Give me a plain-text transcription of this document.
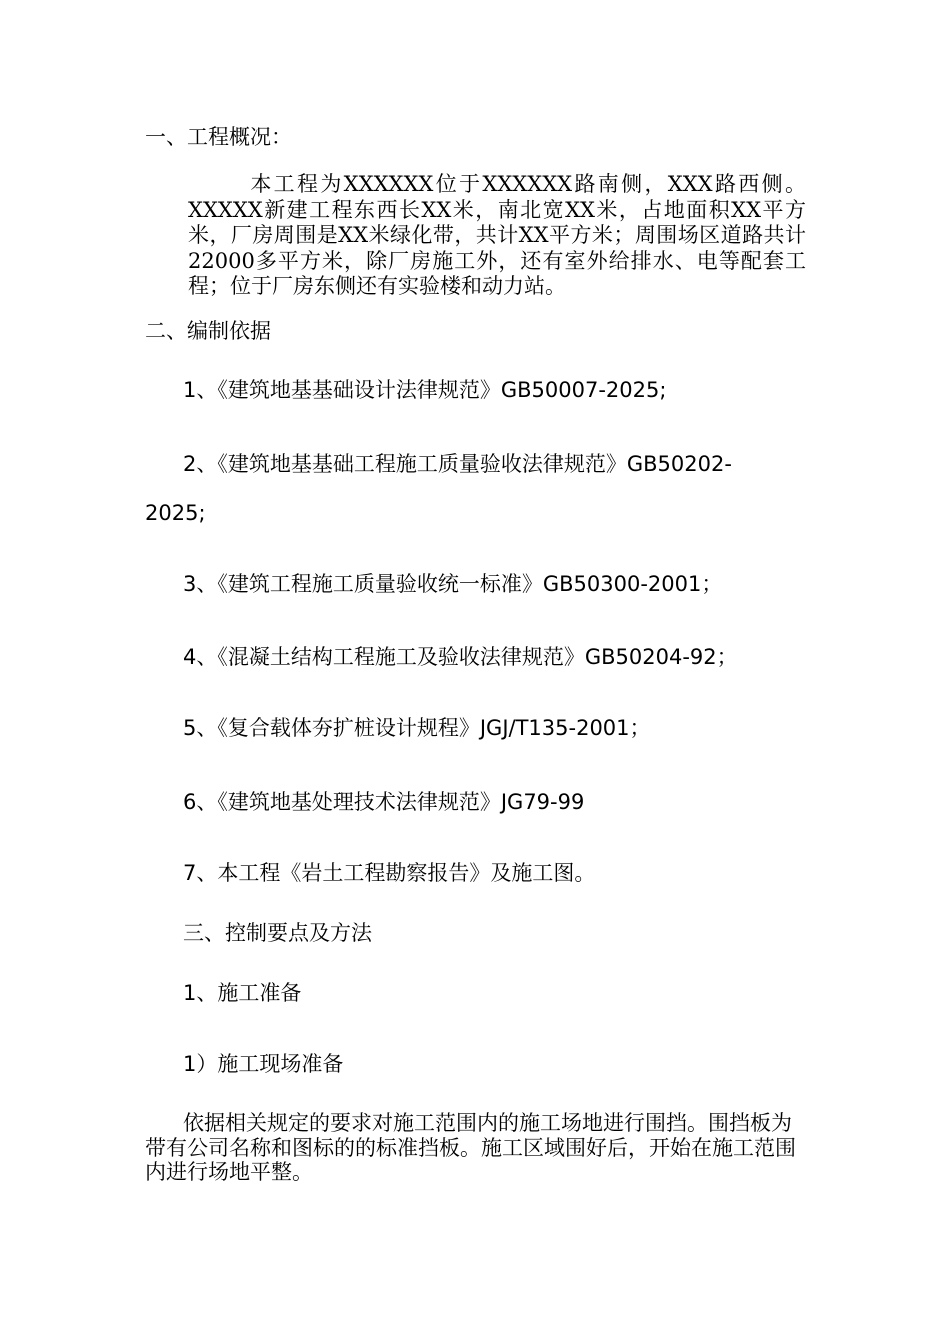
一、工程概况：
本工程为XXXXXX位于XXXXXX路南侧，XXX路西侧。XXXXX新建工程东西长XX米，南北宽XX米，占地面积XX平方米，厂房周围是XX米绿化带，共计XX平方米；周围场区道路共计22000多平方米，除厂房施工外，还有室外给排水、电等配套工程；位于厂房东侧还有实验楼和动力站。
二、编制依据
1、《建筑地基基础设计法律规范》GB50007-2025;
2、《建筑地基基础工程施工质量验收法律规范》GB50202-
2025;
3、《建筑工程施工质量验收统一标准》GB50300-2001；
4、《混凝土结构工程施工及验收法律规范》GB50204-92；
5、《复合载体夯扩桩设计规程》JGJ/T135-2001；
6、《建筑地基处理技术法律规范》JG79-99
7、本工程《岩土工程勘察报告》及施工图。
三、控制要点及方法
1、施工准备
1）施工现场准备
依据相关规定的要求对施工范围内的施工场地进行围挡。围挡板为带有公司名称和图标的的标准挡板。施工区域围好后，开始在施工范围内进行场地平整。
